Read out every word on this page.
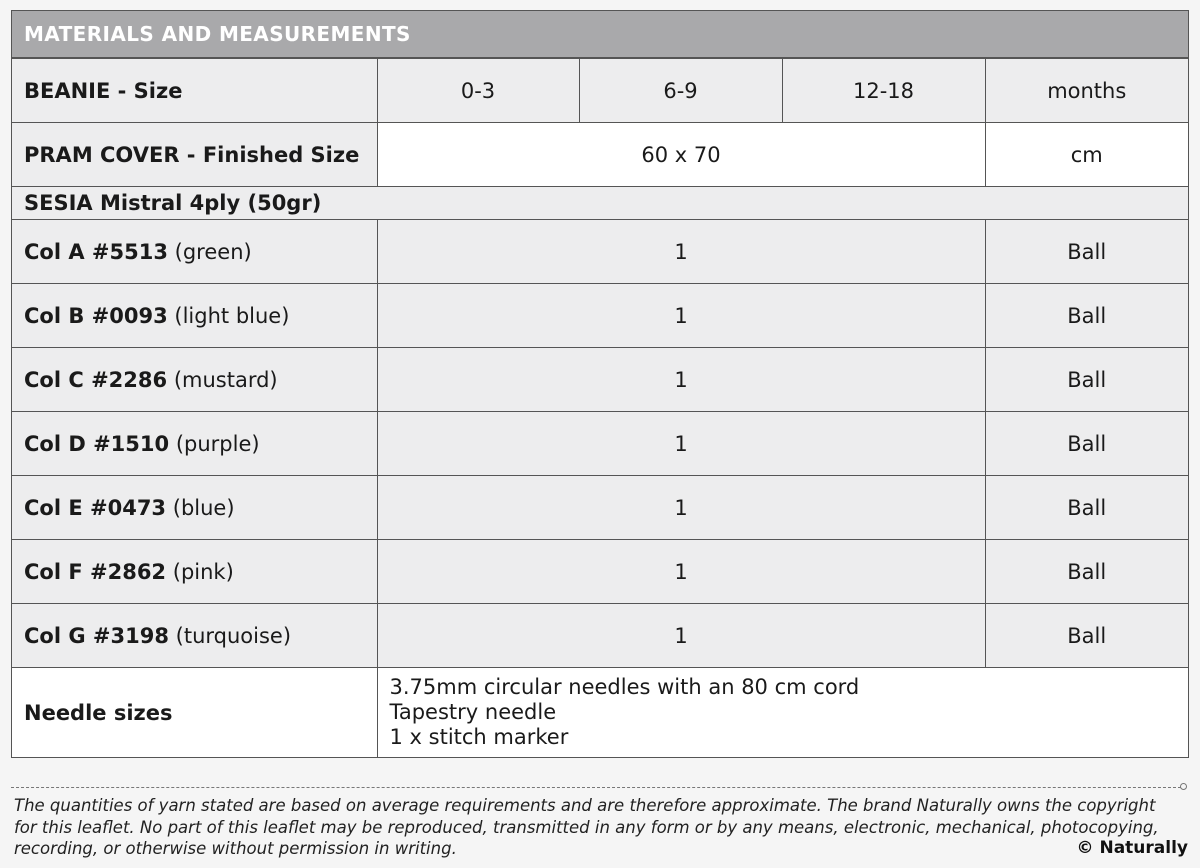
MATERIALS AND MEASUREMENTS
BEANIE - Size	0-3	6-9	12-18	months
PRAM COVER - Finished Size	60 x 70			cm
SESIA Mistral 4ply (50gr)				
Col A #5513 (green)	1			Ball
Col B #0093 (light blue)	1			Ball
Col C #2286 (mustard)	1			Ball
Col D #1510 (purple)	1			Ball
Col E #0473 (blue)	1			Ball
Col F #2862 (pink)	1			Ball
Col G #3198 (turquoise)	1			Ball
Needle sizes	3.75mm circular needles with an 80 cm cord
Tapestry needle
1 x stitch marker			
The quantities of yarn stated are based on average requirements and are therefore approximate. The brand Naturally owns the copyright
for this leaflet. No part of this leaflet may be reproduced, transmitted in any form or by any means, electronic, mechanical, photocopying,
recording, or otherwise without permission in writing.	© Naturally
